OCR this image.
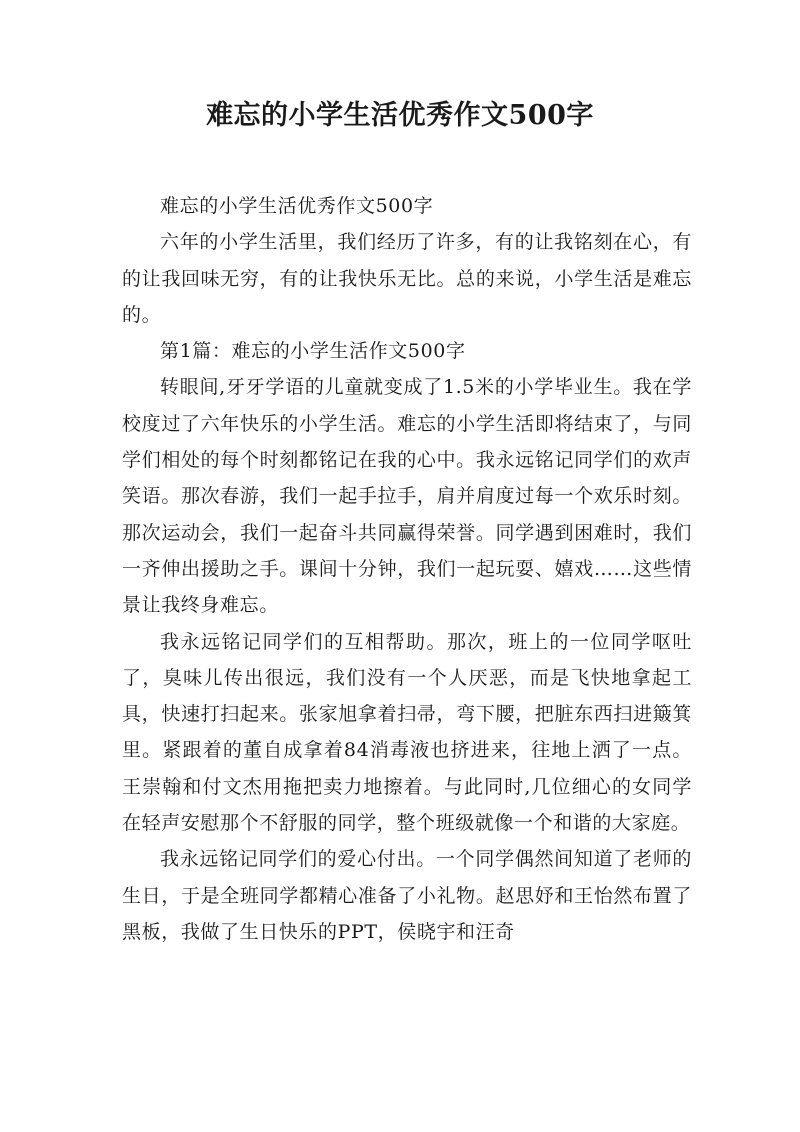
难忘的小学生活优秀作文500字

难忘的小学生活优秀作文500字

六年的小学生活里，我们经历了许多，有的让我铭刻在心，有的让我回味无穷，有的让我快乐无比。总的来说，小学生活是难忘的。

第1篇：难忘的小学生活作文500字

转眼间,牙牙学语的儿童就变成了1.5米的小学毕业生。我在学校度过了六年快乐的小学生活。难忘的小学生活即将结束了，与同学们相处的每个时刻都铭记在我的心中。我永远铭记同学们的欢声笑语。那次春游，我们一起手拉手，肩并肩度过每一个欢乐时刻。那次运动会，我们一起奋斗共同赢得荣誉。同学遇到困难时，我们一齐伸出援助之手。课间十分钟，我们一起玩耍、嬉戏……这些情景让我终身难忘。

我永远铭记同学们的互相帮助。那次，班上的一位同学呕吐了，臭味儿传出很远，我们没有一个人厌恶，而是飞快地拿起工具，快速打扫起来。张家旭拿着扫帚，弯下腰，把脏东西扫进簸箕里。紧跟着的董自成拿着84消毒液也挤进来，往地上洒了一点。王崇翰和付文杰用拖把卖力地擦着。与此同时,几位细心的女同学在轻声安慰那个不舒服的同学，整个班级就像一个和谐的大家庭。

我永远铭记同学们的爱心付出。一个同学偶然间知道了老师的生日，于是全班同学都精心准备了小礼物。赵思妤和王怡然布置了黑板，我做了生日快乐的PPT，侯晓宇和汪奇
